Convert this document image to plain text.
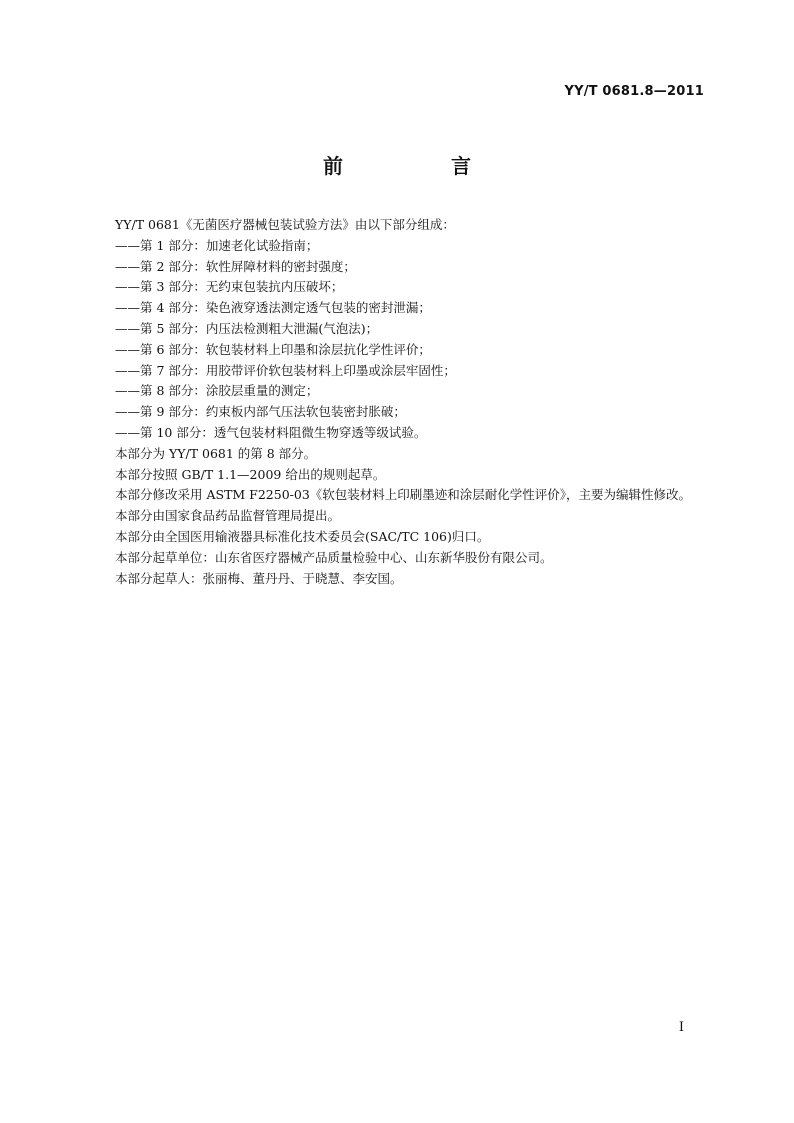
YY/T 0681.8—2011
前　言

YY/T 0681《无菌医疗器械包装试验方法》由以下部分组成：

——第 1 部分：加速老化试验指南；

——第 2 部分：软性屏障材料的密封强度；

——第 3 部分：无约束包装抗内压破坏；

——第 4 部分：染色液穿透法测定透气包装的密封泄漏；

——第 5 部分：内压法检测粗大泄漏(气泡法)；

——第 6 部分：软包装材料上印墨和涂层抗化学性评价；

——第 7 部分：用胶带评价软包装材料上印墨或涂层牢固性；

——第 8 部分：涂胶层重量的测定；

——第 9 部分：约束板内部气压法软包装密封胀破；

——第 10 部分：透气包装材料阻微生物穿透等级试验。

本部分为 YY/T 0681 的第 8 部分。

本部分按照 GB/T 1.1—2009 给出的规则起草。

本部分修改采用 ASTM F2250-03《软包装材料上印刷墨迹和涂层耐化学性评价》，主要为编辑性修改。

本部分由国家食品药品监督管理局提出。

本部分由全国医用输液器具标准化技术委员会(SAC/TC 106)归口。

本部分起草单位：山东省医疗器械产品质量检验中心、山东新华股份有限公司。

本部分起草人：张丽梅、董丹丹、于晓慧、李安国。

I
